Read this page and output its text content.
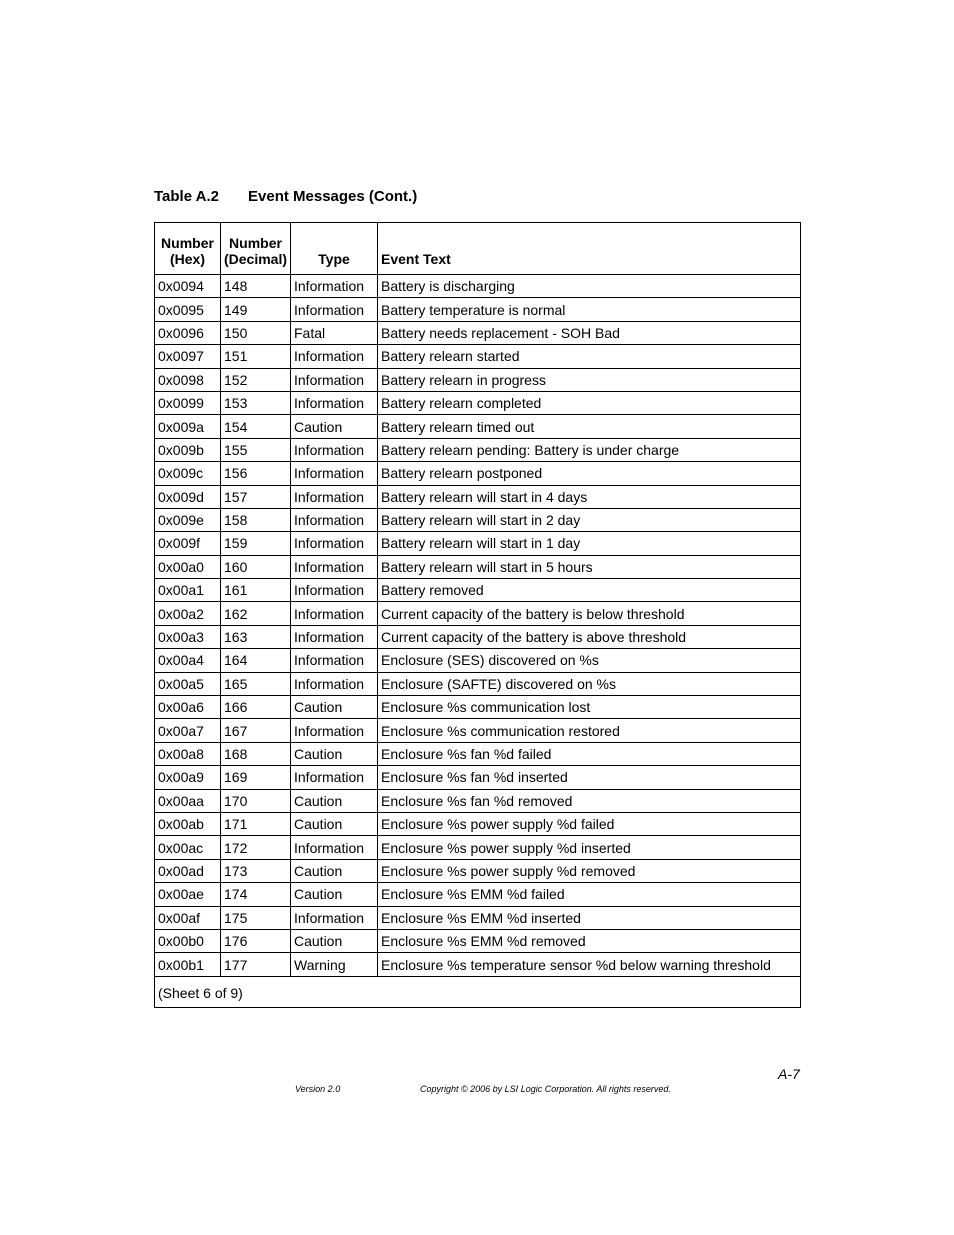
Table A.2 Event Messages (Cont.)
Number
(Hex)	Number
(Decimal)	Type	Event Text
0x0094	148	Information	Battery is discharging
0x0095	149	Information	Battery temperature is normal
0x0096	150	Fatal	Battery needs replacement - SOH Bad
0x0097	151	Information	Battery relearn started
0x0098	152	Information	Battery relearn in progress
0x0099	153	Information	Battery relearn completed
0x009a	154	Caution	Battery relearn timed out
0x009b	155	Information	Battery relearn pending: Battery is under charge
0x009c	156	Information	Battery relearn postponed
0x009d	157	Information	Battery relearn will start in 4 days
0x009e	158	Information	Battery relearn will start in 2 day
0x009f	159	Information	Battery relearn will start in 1 day
0x00a0	160	Information	Battery relearn will start in 5 hours
0x00a1	161	Information	Battery removed
0x00a2	162	Information	Current capacity of the battery is below threshold
0x00a3	163	Information	Current capacity of the battery is above threshold
0x00a4	164	Information	Enclosure (SES) discovered on %s
0x00a5	165	Information	Enclosure (SAFTE) discovered on %s
0x00a6	166	Caution	Enclosure %s communication lost
0x00a7	167	Information	Enclosure %s communication restored
0x00a8	168	Caution	Enclosure %s fan %d failed
0x00a9	169	Information	Enclosure %s fan %d inserted
0x00aa	170	Caution	Enclosure %s fan %d removed
0x00ab	171	Caution	Enclosure %s power supply %d failed
0x00ac	172	Information	Enclosure %s power supply %d inserted
0x00ad	173	Caution	Enclosure %s power supply %d removed
0x00ae	174	Caution	Enclosure %s EMM %d failed
0x00af	175	Information	Enclosure %s EMM %d inserted
0x00b0	176	Caution	Enclosure %s EMM %d removed
0x00b1	177	Warning	Enclosure %s temperature sensor %d below warning threshold
(Sheet 6 of 9)			
A-7
Version 2.0	Copyright © 2006 by LSI Logic Corporation. All rights reserved.
